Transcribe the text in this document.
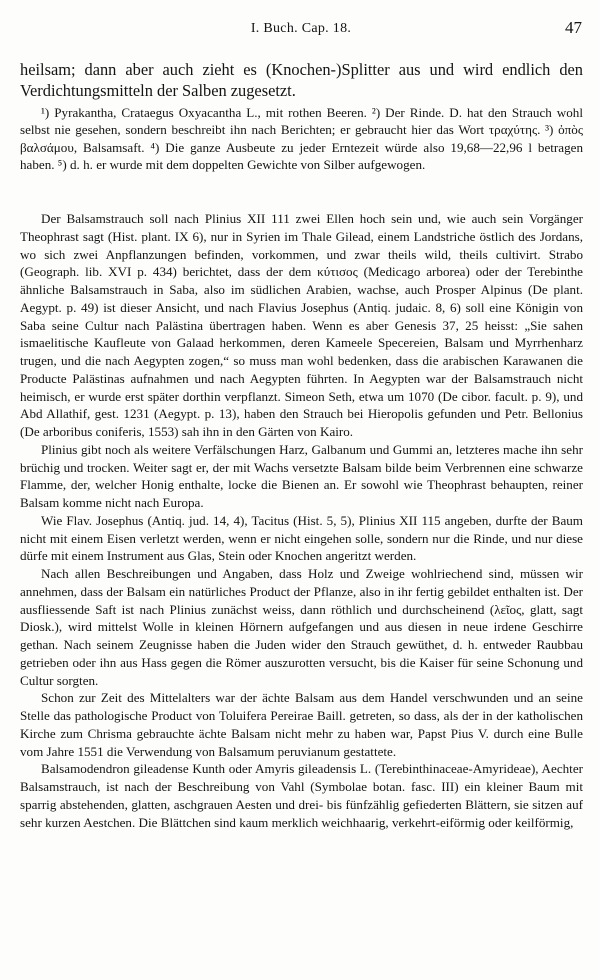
I. Buch. Cap. 18.	47

heilsam; dann aber auch zieht es (Knochen-)Splitter aus und wird endlich den Verdichtungsmitteln der Salben zugesetzt.

¹) Pyrakantha, Crataegus Oxyacantha L., mit rothen Beeren. ²) Der Rinde. D. hat den Strauch wohl selbst nie gesehen, sondern beschreibt ihn nach Berichten; er gebraucht hier das Wort τραχύτης. ³) ὀπὸς βαλσάμου, Balsamsaft. ⁴) Die ganze Ausbeute zu jeder Erntezeit würde also 19,68—22,96 l betragen haben. ⁵) d. h. er wurde mit dem doppelten Gewichte von Silber aufgewogen.

Der Balsamstrauch soll nach Plinius XII 111 zwei Ellen hoch sein und, wie auch sein Vorgänger Theophrast sagt (Hist. plant. IX 6), nur in Syrien im Thale Gilead, einem Landstriche östlich des Jordans, wo sich zwei Anpflanzungen befinden, vorkommen, und zwar theils wild, theils cultivirt. Strabo (Geograph. lib. XVI p. 434) berichtet, dass der dem κύτισος (Medicago arborea) oder der Terebinthe ähnliche Balsamstrauch in Saba, also im südlichen Arabien, wachse, auch Prosper Alpinus (De plant. Aegypt. p. 49) ist dieser Ansicht, und nach Flavius Josephus (Antiq. judaic. 8, 6) soll eine Königin von Saba seine Cultur nach Palästina übertragen haben. Wenn es aber Genesis 37, 25 heisst: „Sie sahen ismaelitische Kaufleute von Galaad herkommen, deren Kameele Specereien, Balsam und Myrrhenharz trugen, und die nach Aegypten zogen,“ so muss man wohl bedenken, dass die arabischen Karawanen die Producte Palästinas aufnahmen und nach Aegypten führten. In Aegypten war der Balsamstrauch nicht heimisch, er wurde erst später dorthin verpflanzt. Simeon Seth, etwa um 1070 (De cibor. facult. p. 9), und Abd Allathif, gest. 1231 (Aegypt. p. 13), haben den Strauch bei Hieropolis gefunden und Petr. Bellonius (De arboribus coniferis, 1553) sah ihn in den Gärten von Kairo.

Plinius gibt noch als weitere Verfälschungen Harz, Galbanum und Gummi an, letzteres mache ihn sehr brüchig und trocken. Weiter sagt er, der mit Wachs versetzte Balsam bilde beim Verbrennen eine schwarze Flamme, der, welcher Honig enthalte, locke die Bienen an. Er sowohl wie Theophrast behaupten, reiner Balsam komme nicht nach Europa.

Wie Flav. Josephus (Antiq. jud. 14, 4), Tacitus (Hist. 5, 5), Plinius XII 115 angeben, durfte der Baum nicht mit einem Eisen verletzt werden, wenn er nicht eingehen solle, sondern nur die Rinde, und nur diese dürfe mit einem Instrument aus Glas, Stein oder Knochen angeritzt werden.

Nach allen Beschreibungen und Angaben, dass Holz und Zweige wohlriechend sind, müssen wir annehmen, dass der Balsam ein natürliches Product der Pflanze, also in ihr fertig gebildet enthalten ist. Der ausfliessende Saft ist nach Plinius zunächst weiss, dann röthlich und durchscheinend (λεῖος, glatt, sagt Diosk.), wird mittelst Wolle in kleinen Hörnern aufgefangen und aus diesen in neue irdene Geschirre gethan. Nach seinem Zeugnisse haben die Juden wider den Strauch gewüthet, d. h. entweder Raubbau getrieben oder ihn aus Hass gegen die Römer auszurotten versucht, bis die Kaiser für seine Schonung und Cultur sorgten.

Schon zur Zeit des Mittelalters war der ächte Balsam aus dem Handel verschwunden und an seine Stelle das pathologische Product von Toluifera Pereirae Baill. getreten, so dass, als der in der katholischen Kirche zum Chrisma gebrauchte ächte Balsam nicht mehr zu haben war, Papst Pius V. durch eine Bulle vom Jahre 1551 die Verwendung von Balsamum peruvianum gestattete.

Balsamodendron gileadense Kunth oder Amyris gileadensis L. (Terebinthinaceae-Amyrideae), Aechter Balsamstrauch, ist nach der Beschreibung von Vahl (Symbolae botan. fasc. III) ein kleiner Baum mit sparrig abstehenden, glatten, aschgrauen Aesten und drei- bis fünfzählig gefiederten Blättern, sie sitzen auf sehr kurzen Aestchen. Die Blättchen sind kaum merklich weichhaarig, verkehrt-eiförmig oder keilförmig,
